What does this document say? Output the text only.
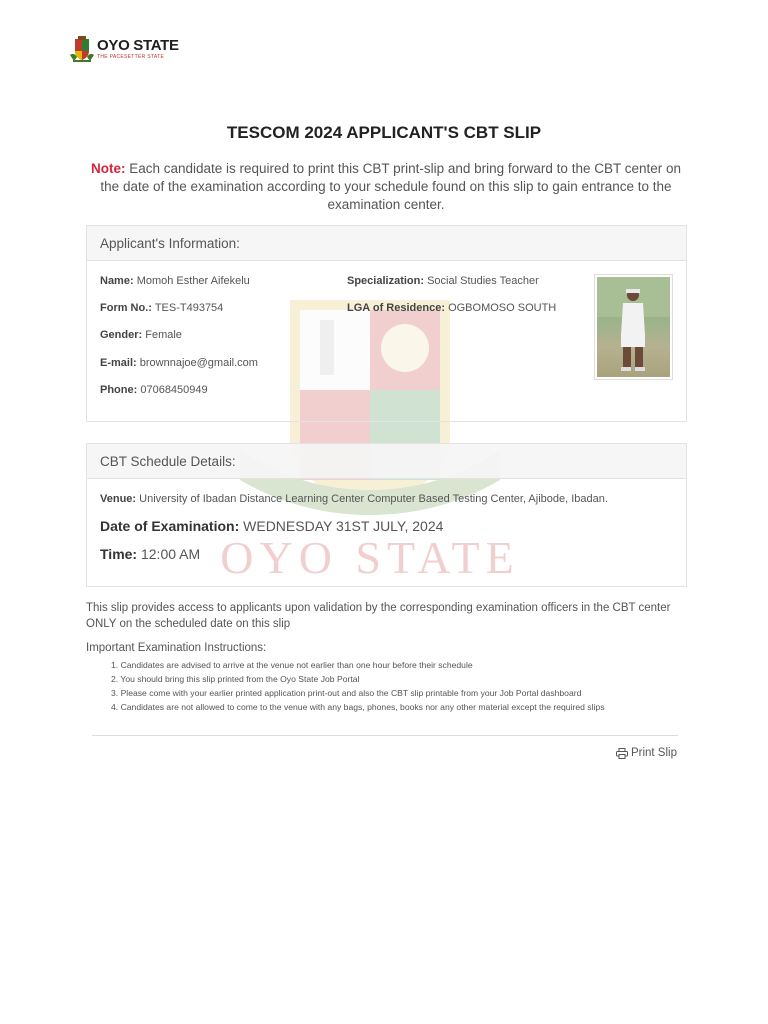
OYO STATE
THE PACESETTER STATE
OYO STATE
TESCOM 2024 APPLICANT'S CBT SLIP
Note: Each candidate is required to print this CBT print-slip and bring forward to the CBT center on the date of the examination according to your schedule found on this slip to gain entrance to the examination center.
Applicant's Information:
Name: Momoh Esther Aifekelu
Form No.: TES-T493754
Gender: Female
E-mail: brownnajoe@gmail.com
Phone: 07068450949
Specialization: Social Studies Teacher
LGA of Residence: OGBOMOSO SOUTH
CBT Schedule Details:
Venue: University of Ibadan Distance Learning Center Computer Based Testing Center, Ajibode, Ibadan.
Date of Examination: WEDNESDAY 31ST JULY, 2024
Time: 12:00 AM
This slip provides access to applicants upon validation by the corresponding examination officers in the CBT center ONLY on the scheduled date on this slip
Important Examination Instructions:
1. Candidates are advised to arrive at the venue not earlier than one hour before their schedule
2. You should bring this slip printed from the Oyo State Job Portal
3. Please come with your earlier printed application print-out and also the CBT slip printable from your Job Portal dashboard
4. Candidates are not allowed to come to the venue with any bags, phones, books nor any other material except the required slips
Print Slip
